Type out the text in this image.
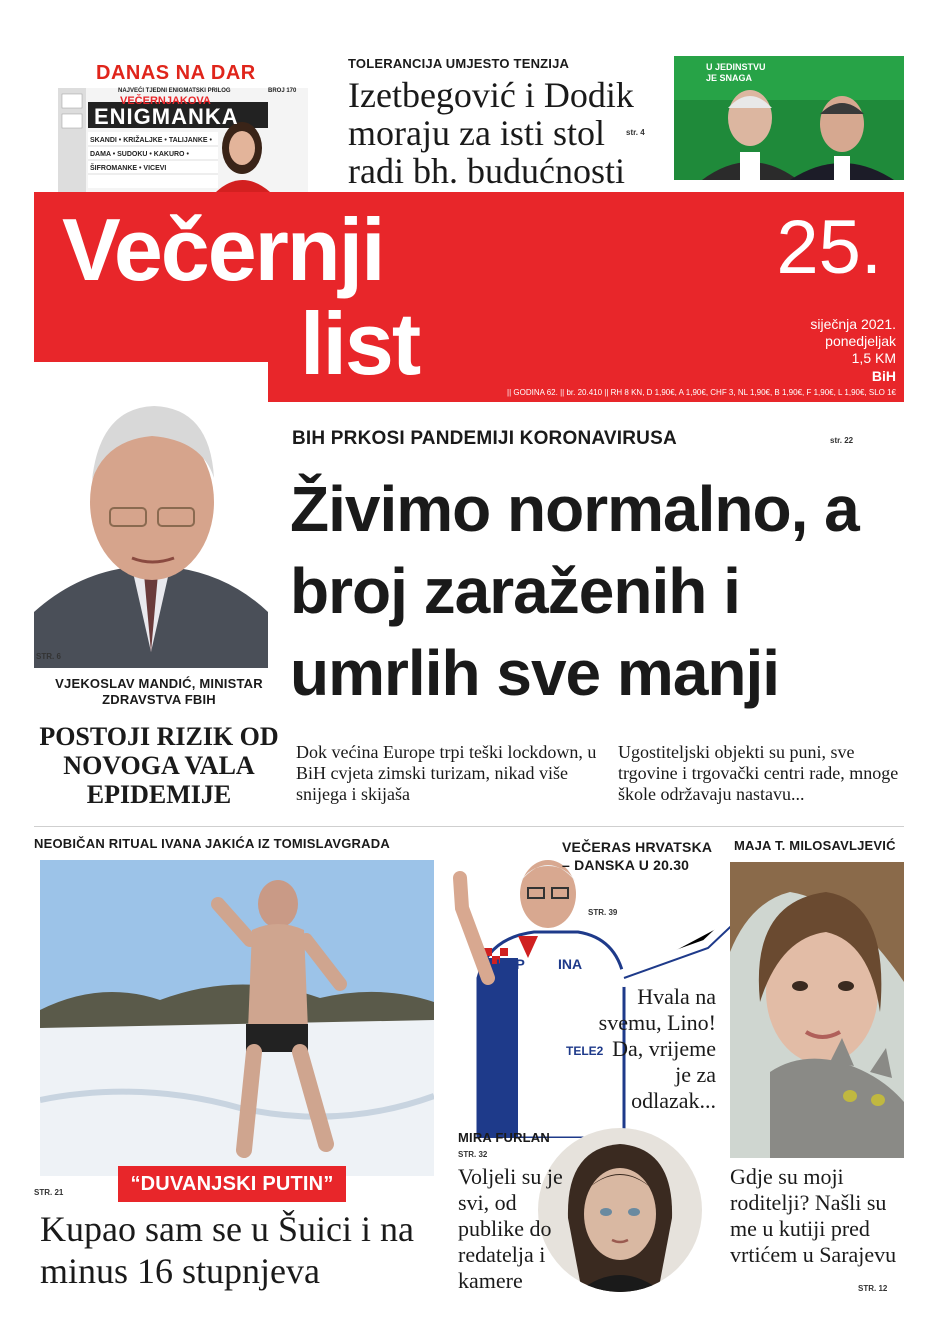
DANAS NA DAR
NAJVEĆI TJEDNI ENIGMATSKI PRILOG	BROJ 170
VEČERNJAKOVA
ENIGMANKA
SKANDI • KRIŽALJKE • TALIJANKE • DAMA • SUDOKU • KAKURO • ŠIFROMANKE • VICEVI
TOLERANCIJA UMJESTO TENZIJA
Izetbegović i Dodik moraju za isti stol radi bh. budućnosti
str. 4
U JEDINSTVU JE SNAGA
Večernji
list
25.
siječnja 2021.
ponedjeljak
1,5 KM
BiH
|| GODINA 62. || br. 20.410 || RH 8 KN, D 1,90€, A 1,90€, CHF 3, NL 1,90€, B 1,90€, F 1,90€, L 1,90€, SLO 1€
STR. 6
VJEKOSLAV MANDIĆ, MINISTAR ZDRAVSTVA FBIH
POSTOJI RIZIK OD NOVOGA VALA EPIDEMIJE
BIH PRKOSI PANDEMIJI KORONAVIRUSA	str. 22
Živimo normalno, a broj zaraženih i umrlih sve manji
Dok većina Europe trpi teški lockdown, u BiH cvjeta zimski turizam, nikad više snijega i skijaša
Ugostiteljski objekti su puni, sve trgovine i trgovački centri rade, mnoge škole održavaju nastavu...
NEOBIČAN RITUAL IVANA JAKIĆA IZ TOMISLAVGRADA
“DUVANJSKI PUTIN”
STR. 21
Kupao sam se u Šuici i na minus 16 stupnjeva
HEP INA
TELE2
VEČERAS HRVATSKA – DANSKA U 20.30
STR. 39
Hvala na svemu, Lino! Da, vrijeme je za odlazak...
MIRA FURLAN
STR. 32
Voljeli su je svi, od publike do redatelja i kamere
MAJA T. MILOSAVLJEVIĆ
Gdje su moji roditelji? Našli su me u kutiji pred vrtićem u Sarajevu
STR. 12
